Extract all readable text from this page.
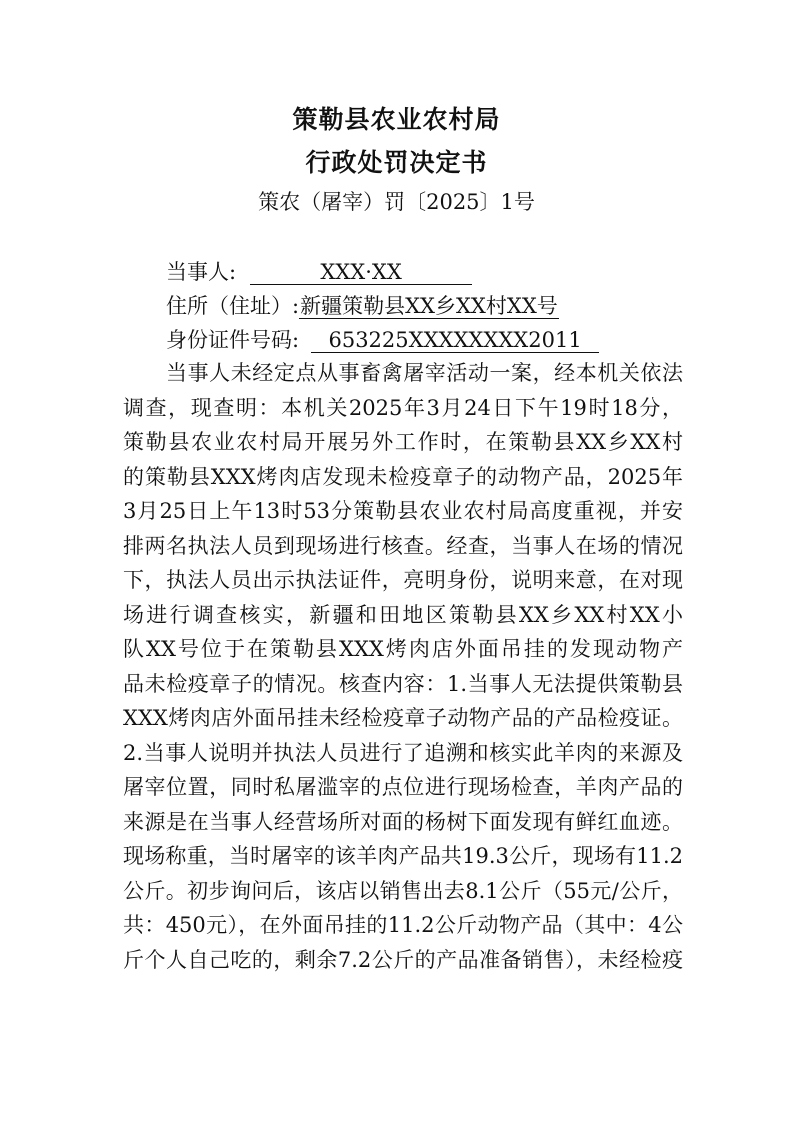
策勒县农业农村局
行政处罚决定书
策农（屠宰）罚〔2025〕1号
当事人:	XXX·XX
住所（住址）:新疆策勒县XX乡XX村XX号
身份证件号码: 653225XXXXXXXX2011
当事人未经定点从事畜禽屠宰活动一案，经本机关依法
调查，现查明：本机关2025年3月24日下午19时18分，
策勒县农业农村局开展另外工作时，在策勒县XX乡XX村
的策勒县XXX烤肉店发现未检疫章子的动物产品，2025年
3月25日上午13时53分策勒县农业农村局高度重视，并安
排两名执法人员到现场进行核查。经查，当事人在场的情况
下，执法人员出示执法证件，亮明身份，说明来意，在对现
场进行调查核实，新疆和田地区策勒县XX乡XX村XX小
队XX号位于在策勒县XXX烤肉店外面吊挂的发现动物产
品未检疫章子的情况。核查内容：1.当事人无法提供策勒县
XXX烤肉店外面吊挂未经检疫章子动物产品的产品检疫证。
2.当事人说明并执法人员进行了追溯和核实此羊肉的来源及
屠宰位置，同时私屠滥宰的点位进行现场检查，羊肉产品的
来源是在当事人经营场所对面的杨树下面发现有鲜红血迹。
现场称重，当时屠宰的该羊肉产品共19.3公斤，现场有11.2
公斤。初步询问后，该店以销售出去8.1公斤（55元/公斤，
共：450元），在外面吊挂的11.2公斤动物产品（其中：4公
斤个人自己吃的，剩余7.2公斤的产品准备销售），未经检疫
